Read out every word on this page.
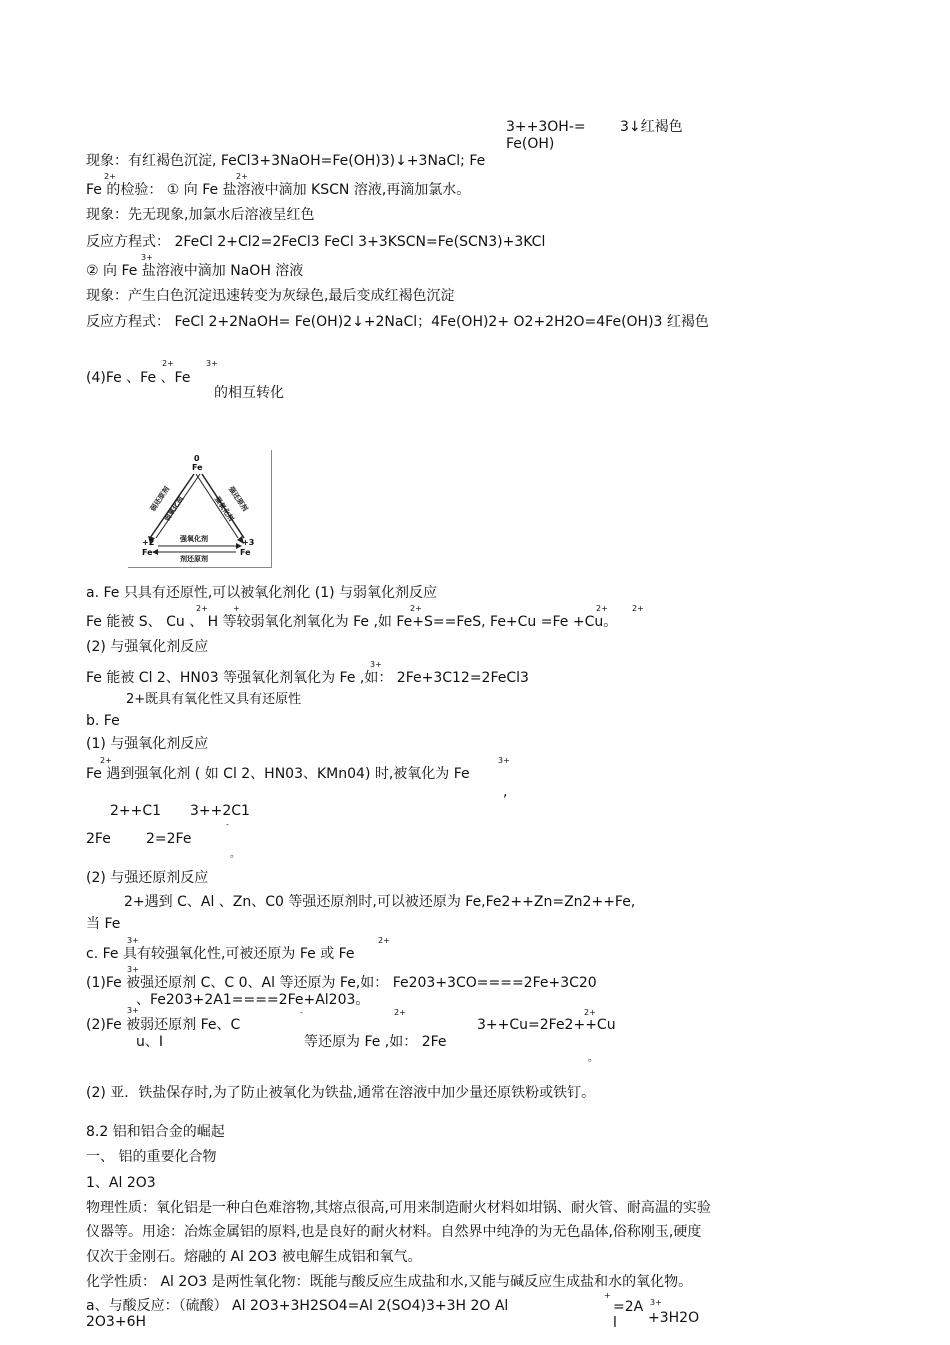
3++3OH-= 3↓红褐色
Fe(OH)
现象：有红褐色沉淀, FeCl3+3NaOH=Fe(OH)3)↓+3NaCl; Fe
2+	2+
Fe 的检验： ① 向 Fe 盐溶液中滴加 KSCN 溶液,再滴加氯水。
现象：先无现象,加氯水后溶液呈红色
反应方程式： 2FeCl 2+Cl2=2FeCl3 FeCl 3+3KSCN=Fe(SCN3)+3KCl
3+
② 向 Fe 盐溶液中滴加 NaOH 溶液
现象：产生白色沉淀迅速转变为灰绿色,最后变成红褐色沉淀
反应方程式： FeCl 2+2NaOH= Fe(OH)2↓+2NaCl；4Fe(OH)2+ O2+2H2O=4Fe(OH)3 红褐色
2+	3+
(4)Fe 、Fe 、Fe
的相互转化
0
Fe
+2
Fe
+3
Fe
弱还原剂
弱氧化剂	强还原剂
强氧化剂
强氧化剂
剂还原剂
a. Fe 只具有还原性,可以被氧化剂化 (1) 与弱氧化剂反应
2+	+	2+	2+	2+
Fe 能被 S、 Cu 、 H 等较弱氧化剂氧化为 Fe ,如 Fe+S==FeS, Fe+Cu =Fe +Cu。
(2) 与强氧化剂反应
3+
Fe 能被 Cl 2、HN03 等强氧化剂氧化为 Fe ,如： 2Fe+3C12=2FeCl3
2+既具有氧化性又具有还原性
b. Fe
(1) 与强氧化剂反应
2+	3+
Fe 遇到强氧化剂 ( 如 Cl 2、HN03、KMn04) 时,被氧化为 Fe
,
2++C1 3++2C1
-
2Fe	2=2Fe
。
(2) 与强还原剂反应
2+遇到 C、Al 、Zn、C0 等强还原剂时,可以被还原为 Fe,Fe2++Zn=Zn2++Fe,
当 Fe
3+	2+
c. Fe 具有较强氧化性,可被还原为 Fe 或 Fe
3+
(1)Fe 被强还原剂 C、C 0、Al 等还原为 Fe,如： Fe203+3CO====2Fe+3C20
、Fe203+2A1====2Fe+Al203。
3+	-	2+	2+
(2)Fe 被弱还原剂 Fe、C	3++Cu=2Fe2++Cu
u、I	等还原为 Fe ,如： 2Fe
。
(2) 亚．铁盐保存时,为了防止被氧化为铁盐,通常在溶液中加少量还原铁粉或铁钉。
8.2 铝和铝合金的崛起
一、 铝的重要化合物
1、Al 2O3
物理性质：氧化铝是一种白色难溶物,其熔点很高,可用来制造耐火材料如坩锅、耐火管、耐高温的实验
仪器等。用途：冶炼金属铝的原料,也是良好的耐火材料。自然界中纯净的为无色晶体,俗称刚玉,硬度
仅次于金刚石。熔融的 Al 2O3 被电解生成铝和氧气。
化学性质： Al 2O3 是两性氧化物：既能与酸反应生成盐和水,又能与碱反应生成盐和水的氧化物。
+
a、与酸反应：（硫酸） Al 2O3+3H2SO4=Al 2(SO4)3+3H 2O Al	=2A 3+
+3H2O
2O3+6H	l
